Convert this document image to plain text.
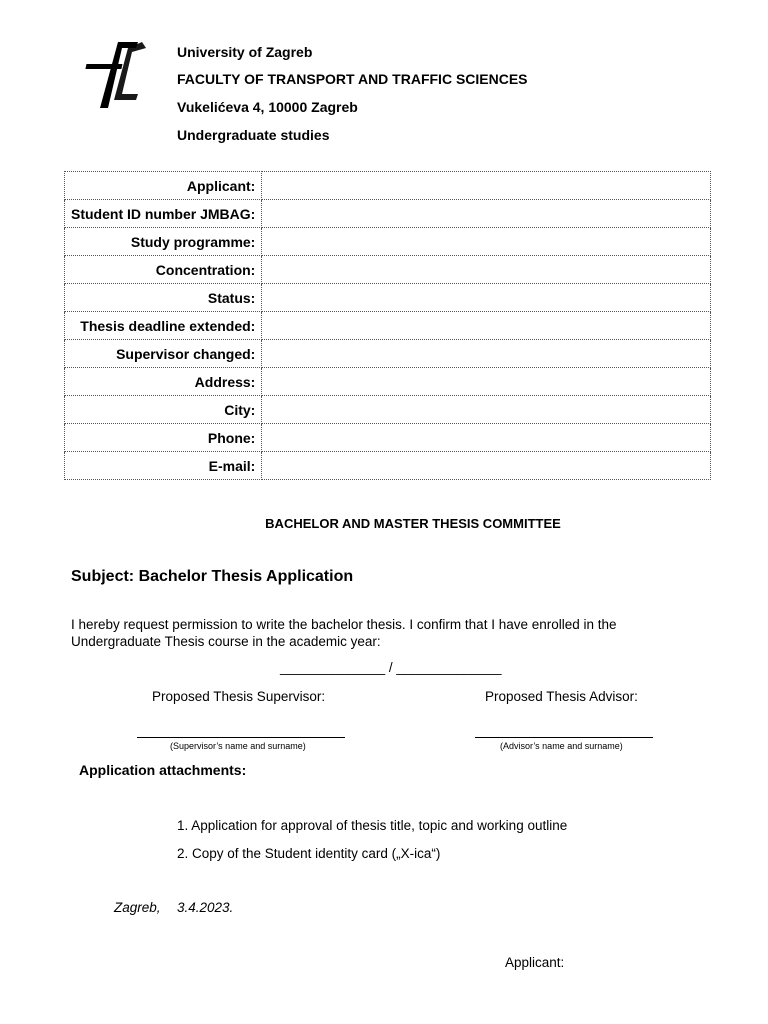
University of Zagreb
FACULTY OF TRANSPORT AND TRAFFIC SCIENCES
Vukelićeva 4, 10000 Zagreb
Undergraduate studies
Applicant:	
Student ID number JMBAG:	
Study programme:	
Concentration:	
Status:	
Thesis deadline extended:	
Supervisor changed:	
Address:	
City:	
Phone:	
E-mail:	
BACHELOR AND MASTER THESIS COMMITTEE
Subject: Bachelor Thesis Application
I hereby request permission to write the bachelor thesis. I confirm that I have enrolled in the Undergraduate Thesis course in the academic year:
______________ / ______________
Proposed Thesis Supervisor:	Proposed Thesis Advisor:
(Supervisor’s name and surname)	(Advisor’s name and surname)
Application attachments:
1. Application for approval of thesis title, topic and working outline
2. Copy of the Student identity card („X-ica“)
Zagreb, 3.4.2023.
Applicant:
